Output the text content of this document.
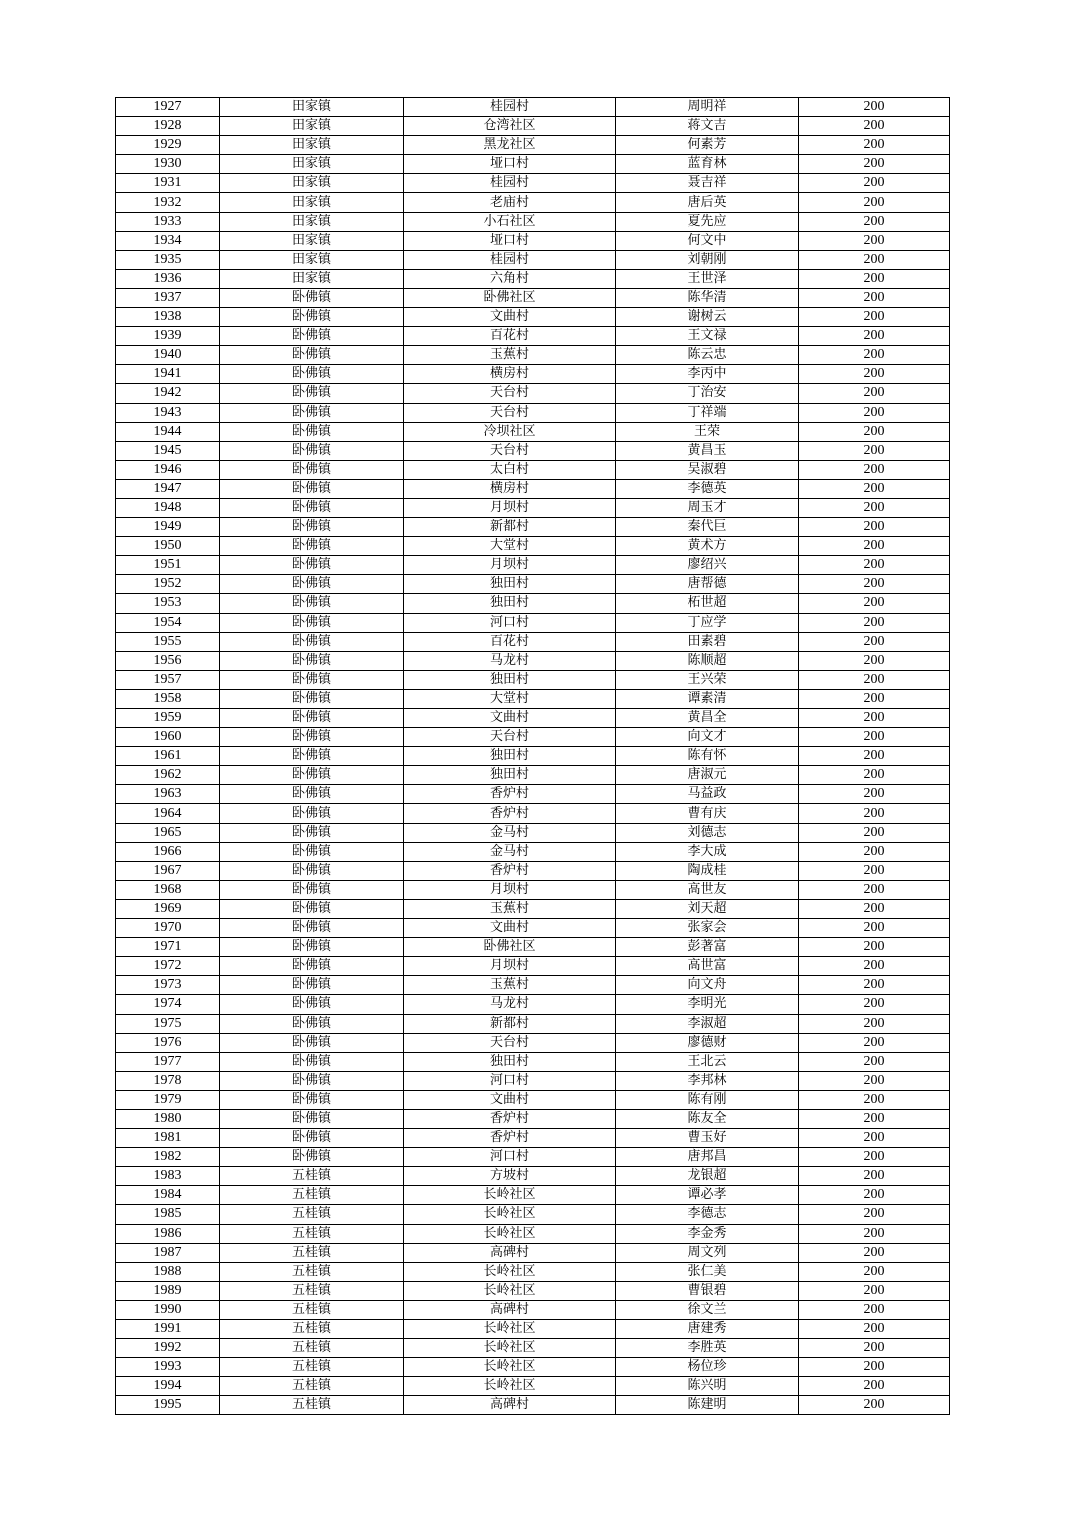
1927	田家镇	桂园村	周明祥	200
1928	田家镇	仓湾社区	蒋文吉	200
1929	田家镇	黑龙社区	何素芳	200
1930	田家镇	垭口村	蓝育林	200
1931	田家镇	桂园村	聂吉祥	200
1932	田家镇	老庙村	唐后英	200
1933	田家镇	小石社区	夏先应	200
1934	田家镇	垭口村	何文中	200
1935	田家镇	桂园村	刘朝刚	200
1936	田家镇	六角村	王世泽	200
1937	卧佛镇	卧佛社区	陈华清	200
1938	卧佛镇	文曲村	谢树云	200
1939	卧佛镇	百花村	王文禄	200
1940	卧佛镇	玉蕉村	陈云忠	200
1941	卧佛镇	横房村	李丙中	200
1942	卧佛镇	天台村	丁治安	200
1943	卧佛镇	天台村	丁祥端	200
1944	卧佛镇	冷坝社区	王荣	200
1945	卧佛镇	天台村	黄昌玉	200
1946	卧佛镇	太白村	吴淑碧	200
1947	卧佛镇	横房村	李德英	200
1948	卧佛镇	月坝村	周玉才	200
1949	卧佛镇	新都村	秦代巨	200
1950	卧佛镇	大堂村	黄术方	200
1951	卧佛镇	月坝村	廖绍兴	200
1952	卧佛镇	独田村	唐帮德	200
1953	卧佛镇	独田村	柘世超	200
1954	卧佛镇	河口村	丁应学	200
1955	卧佛镇	百花村	田素碧	200
1956	卧佛镇	马龙村	陈顺超	200
1957	卧佛镇	独田村	王兴荣	200
1958	卧佛镇	大堂村	谭素清	200
1959	卧佛镇	文曲村	黄昌全	200
1960	卧佛镇	天台村	向文才	200
1961	卧佛镇	独田村	陈有怀	200
1962	卧佛镇	独田村	唐淑元	200
1963	卧佛镇	香炉村	马益政	200
1964	卧佛镇	香炉村	曹有庆	200
1965	卧佛镇	金马村	刘德志	200
1966	卧佛镇	金马村	李大成	200
1967	卧佛镇	香炉村	陶成桂	200
1968	卧佛镇	月坝村	高世友	200
1969	卧佛镇	玉蕉村	刘天超	200
1970	卧佛镇	文曲村	张家会	200
1971	卧佛镇	卧佛社区	彭著富	200
1972	卧佛镇	月坝村	高世富	200
1973	卧佛镇	玉蕉村	向文舟	200
1974	卧佛镇	马龙村	李明光	200
1975	卧佛镇	新都村	李淑超	200
1976	卧佛镇	天台村	廖德财	200
1977	卧佛镇	独田村	王北云	200
1978	卧佛镇	河口村	李邦林	200
1979	卧佛镇	文曲村	陈有刚	200
1980	卧佛镇	香炉村	陈友全	200
1981	卧佛镇	香炉村	曹玉好	200
1982	卧佛镇	河口村	唐邦昌	200
1983	五桂镇	方坡村	龙银超	200
1984	五桂镇	长岭社区	谭必孝	200
1985	五桂镇	长岭社区	李德志	200
1986	五桂镇	长岭社区	李金秀	200
1987	五桂镇	高碑村	周文列	200
1988	五桂镇	长岭社区	张仁美	200
1989	五桂镇	长岭社区	曹银碧	200
1990	五桂镇	高碑村	徐文兰	200
1991	五桂镇	长岭社区	唐建秀	200
1992	五桂镇	长岭社区	李胜英	200
1993	五桂镇	长岭社区	杨位珍	200
1994	五桂镇	长岭社区	陈兴明	200
1995	五桂镇	高碑村	陈建明	200
